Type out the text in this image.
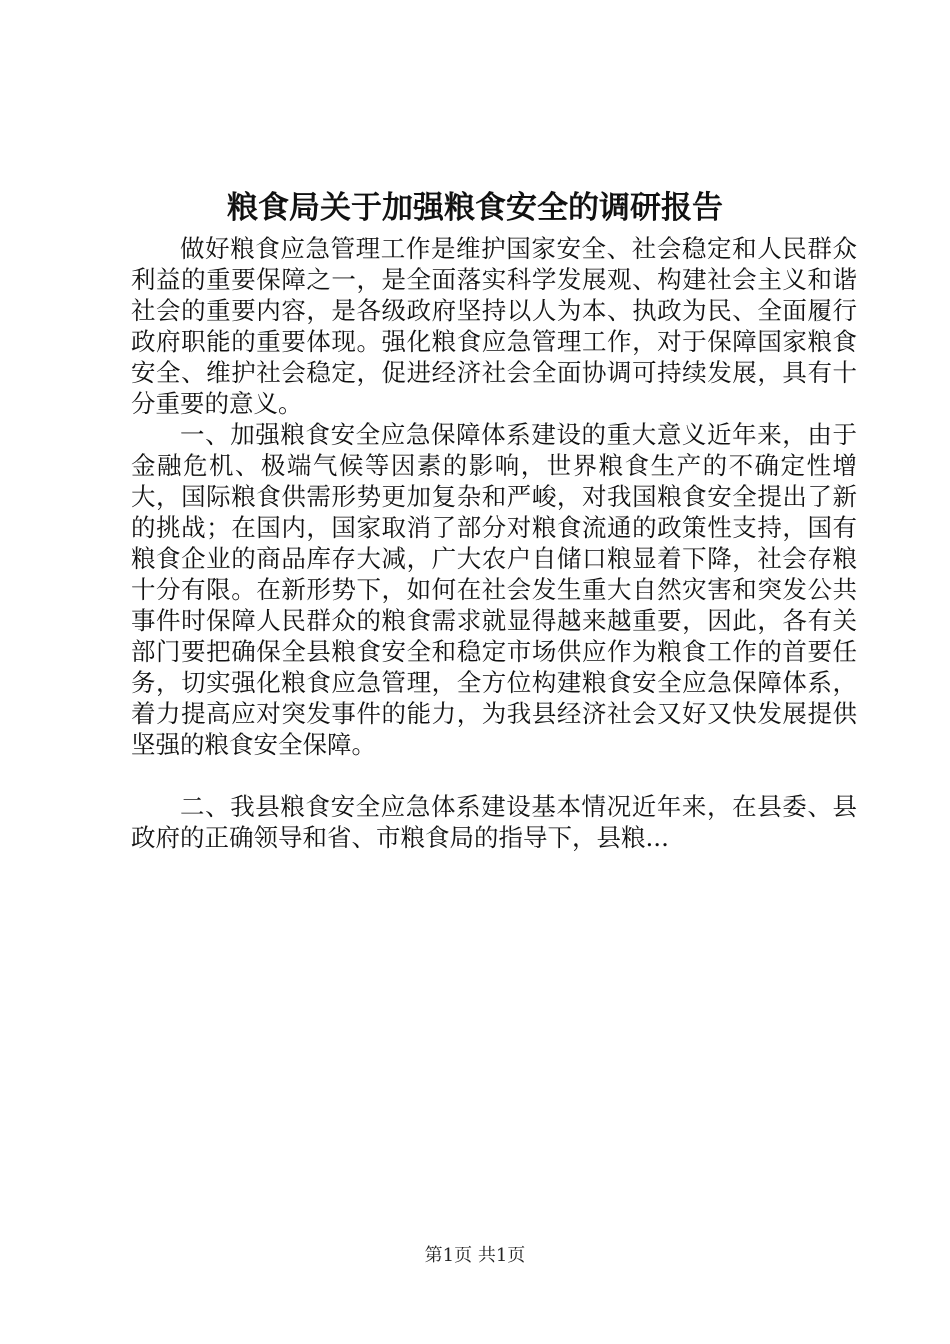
粮食局关于加强粮食安全的调研报告

做好粮食应急管理工作是维护国家安全、社会稳定和人民群众利益的重要保障之一，是全面落实科学发展观、构建社会主义和谐社会的重要内容，是各级政府坚持以人为本、执政为民、全面履行政府职能的重要体现。强化粮食应急管理工作，对于保障国家粮食安全、维护社会稳定，促进经济社会全面协调可持续发展，具有十分重要的意义。

一、加强粮食安全应急保障体系建设的重大意义近年来，由于金融危机、极端气候等因素的影响，世界粮食生产的不确定性增大，国际粮食供需形势更加复杂和严峻，对我国粮食安全提出了新的挑战；在国内，国家取消了部分对粮食流通的政策性支持，国有粮食企业的商品库存大减，广大农户自储口粮显着下降，社会存粮十分有限。在新形势下，如何在社会发生重大自然灾害和突发公共事件时保障人民群众的粮食需求就显得越来越重要，因此，各有关部门要把确保全县粮食安全和稳定市场供应作为粮食工作的首要任务，切实强化粮食应急管理，全方位构建粮食安全应急保障体系，着力提高应对突发事件的能力，为我县经济社会又好又快发展提供坚强的粮食安全保障。

二、我县粮食安全应急体系建设基本情况近年来，在县委、县政府的正确领导和省、市粮食局的指导下，县粮...

第1页 共1页
